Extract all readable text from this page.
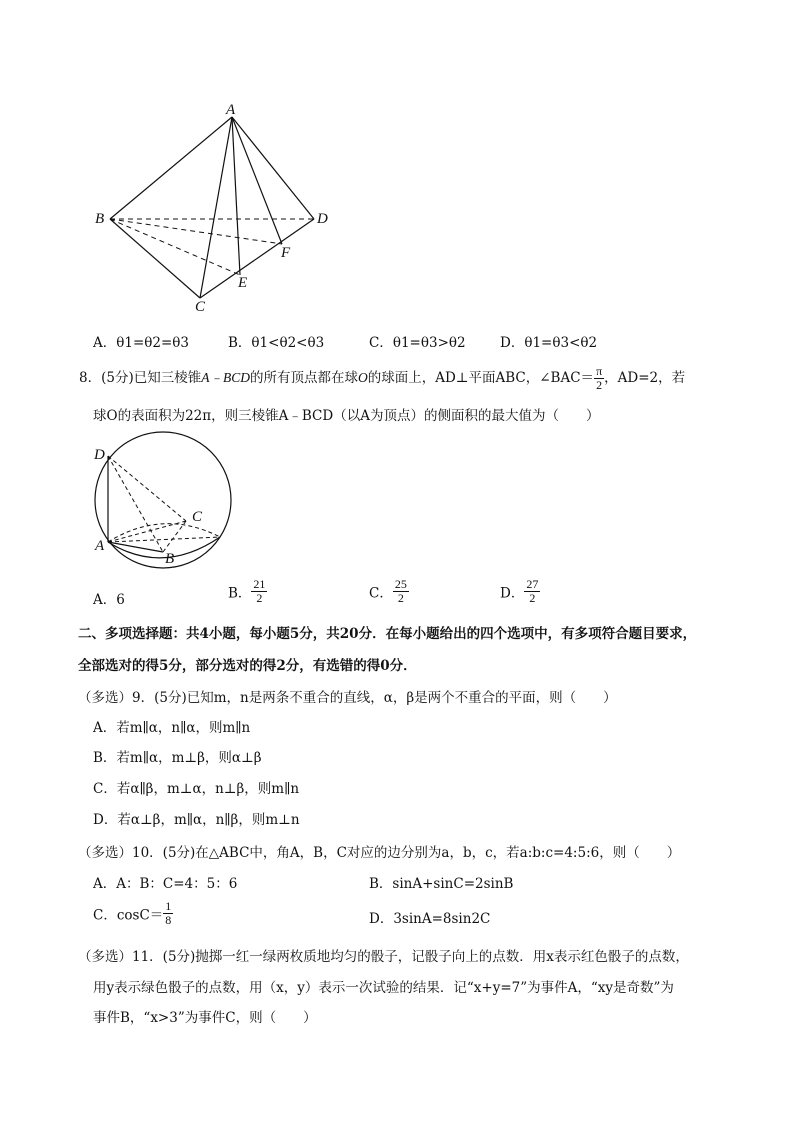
A
B	D
F
E
C
A．θ1=θ2=θ3	B．θ1<θ2<θ3	C．θ1=θ3>θ2	D．θ1=θ3<θ2
8．(5分)已知三棱锥A﹣BCD的所有顶点都在球O的球面上，AD⊥平面ABC，∠BAC＝ $\frac{\pi}{2}$ ，AD=2，若
球O的表面积为22π，则三棱锥A﹣BCD（以A为顶点）的侧面积的最大值为（　　）
D
C
A
B
A．6	B． $\frac{21}{2}$	C． $\frac{25}{2}$	D． $\frac{27}{2}$
二、多项选择题：共4小题，每小题5分，共20分．在每小题给出的四个选项中，有多项符合题目要求，
全部选对的得5分，部分选对的得2分，有选错的得0分．
（多选）9．(5分)已知m，n是两条不重合的直线，α，β是两个不重合的平面，则（　　）
A．若m∥α，n∥α，则m∥n
B．若m∥α，m⊥β，则α⊥β
C．若α∥β，m⊥α，n⊥β，则m∥n
D．若α⊥β，m∥α，n∥β，则m⊥n
（多选）10．(5分)在△ABC中，角A，B，C对应的边分别为a，b，c，若a:b:c=4:5:6，则（　　）
A．A：B：C=4：5：6	B．sinA+sinC=2sinB
C．$\cos C= \frac{1}{8}$	D．3sinA=8sin2C
（多选）11．(5分)抛掷一红一绿两枚质地均匀的骰子，记骰子向上的点数．用x表示红色骰子的点数，
用y表示绿色骰子的点数，用（x，y）表示一次试验的结果．记“x+y=7”为事件A，“xy是奇数”为
事件B，“x>3”为事件C，则（　　）
